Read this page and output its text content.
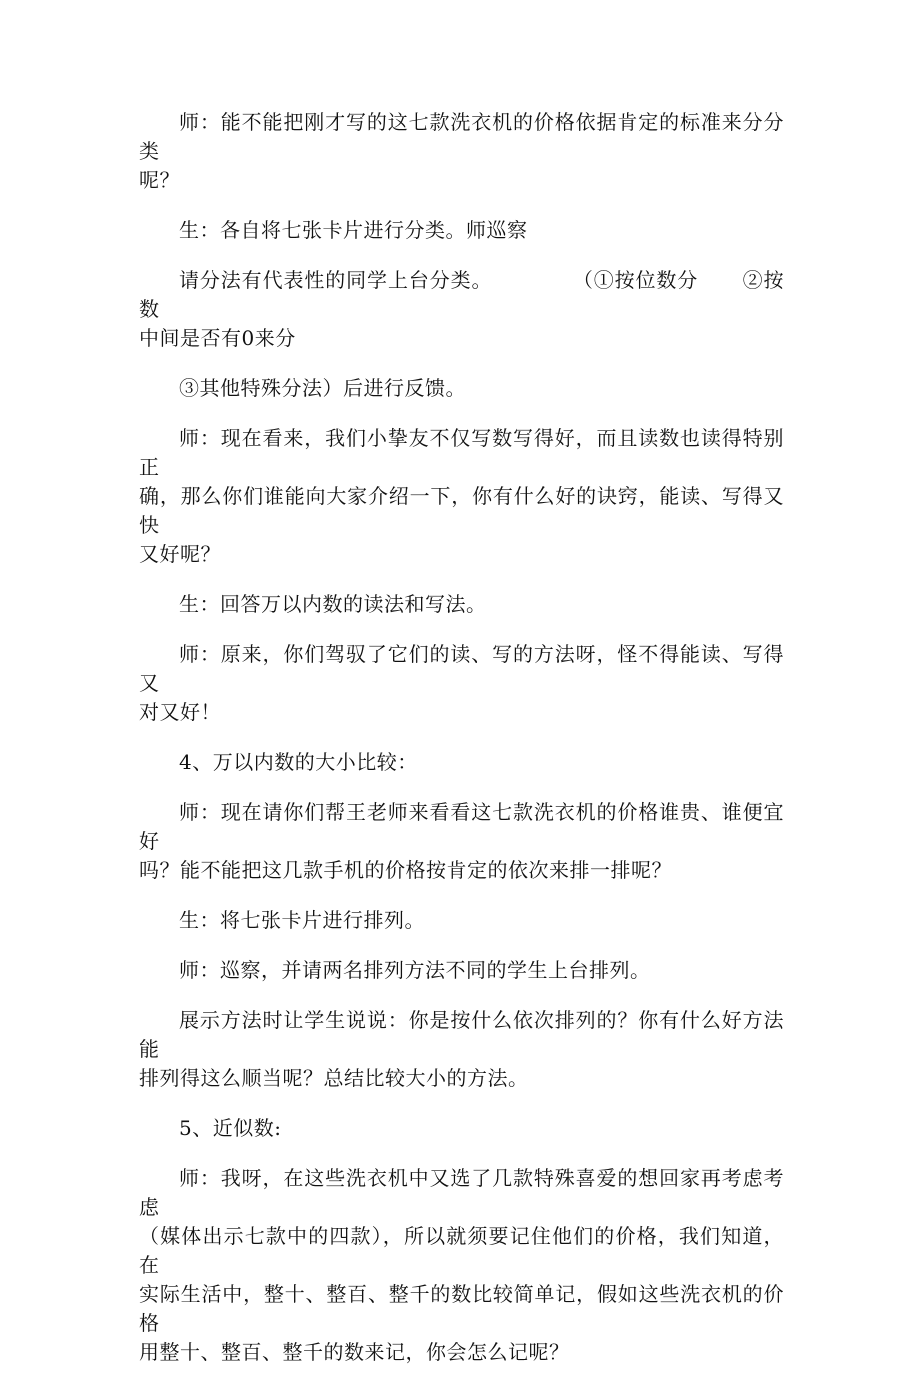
师：能不能把刚才写的这七款洗衣机的价格依据肯定的标准来分分类
呢？

生：各自将七张卡片进行分类。师巡察

请分法有代表性的同学上台分类。	（①按位数分 ②按数
中间是否有0来分

③其他特殊分法）后进行反馈。

师：现在看来，我们小挚友不仅写数写得好，而且读数也读得特别正
确，那么你们谁能向大家介绍一下，你有什么好的诀窍，能读、写得又快
又好呢？

生：回答万以内数的读法和写法。

师：原来，你们驾驭了它们的读、写的方法呀，怪不得能读、写得又
对又好！

4、万以内数的大小比较：

师：现在请你们帮王老师来看看这七款洗衣机的价格谁贵、谁便宜好
吗？能不能把这几款手机的价格按肯定的依次来排一排呢？

生：将七张卡片进行排列。

师：巡察，并请两名排列方法不同的学生上台排列。

展示方法时让学生说说：你是按什么依次排列的？你有什么好方法能
排列得这么顺当呢？总结比较大小的方法。

5、近似数:

师：我呀，在这些洗衣机中又选了几款特殊喜爱的想回家再考虑考虑
（媒体出示七款中的四款），所以就须要记住他们的价格，我们知道，在
实际生活中，整十、整百、整千的数比较简单记，假如这些洗衣机的价格
用整十、整百、整千的数来记，你会怎么记呢？
